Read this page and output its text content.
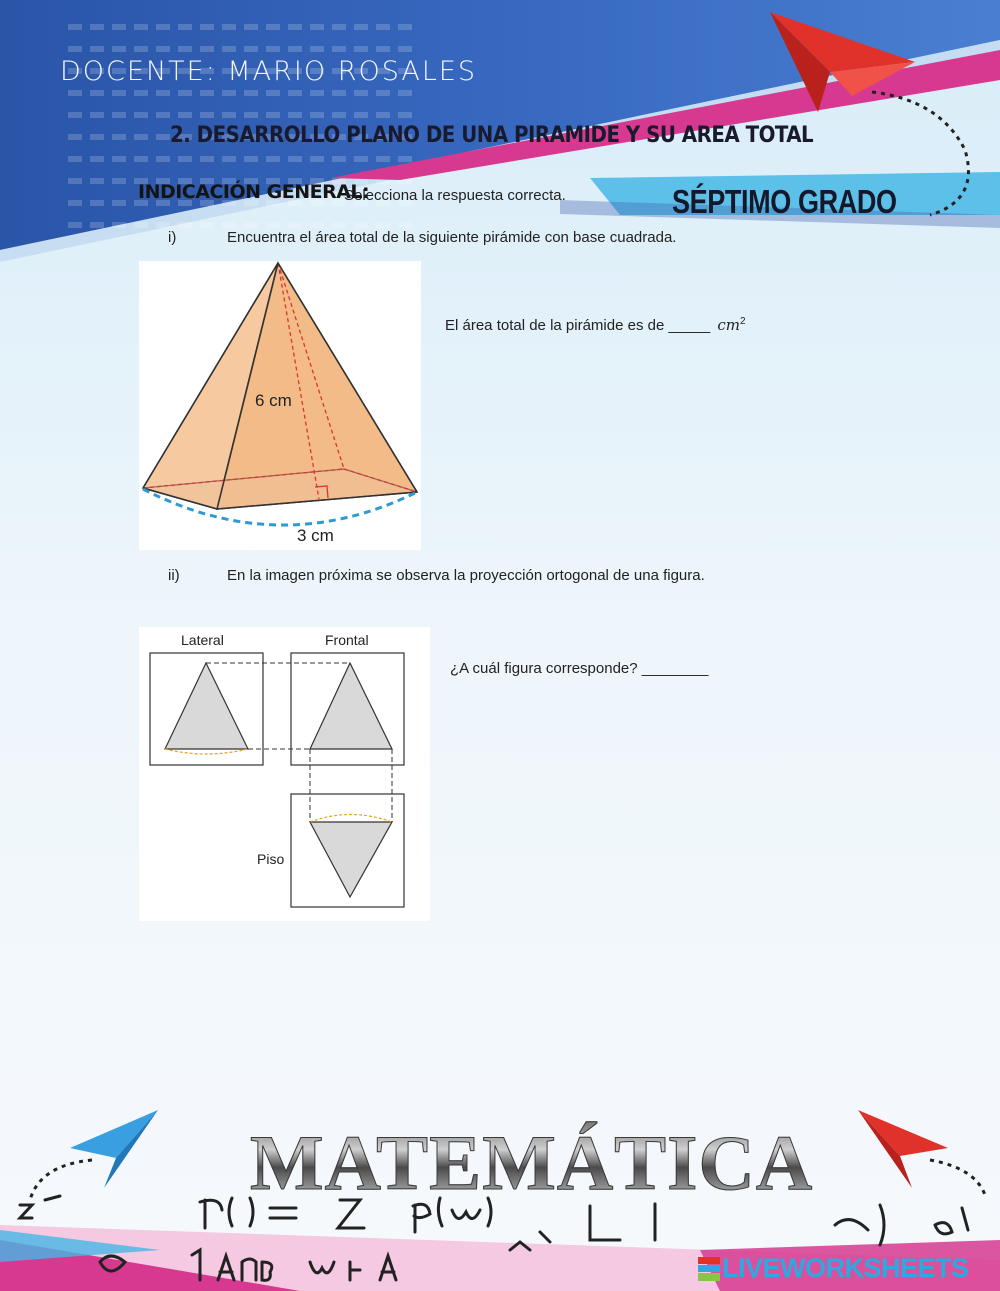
DOCENTE: MARIO ROSALES
2. DESARROLLO PLANO DE UNA PIRAMIDE Y SU AREA TOTAL
INDICACIÓN GENERAL:
Selecciona la respuesta correcta.	SÉPTIMO GRADO
i)	Encuentra el área total de la siguiente pirámide con base cuadrada.
6 cm
3 cm
El área total de la pirámide es de _____ $cm^2$
ii)	En la imagen próxima se observa la proyección ortogonal de una figura.
Lateral	Frontal
Piso
¿A cuál figura corresponde? ________
MATEMÁTICA
LIVEWORKSHEETS
